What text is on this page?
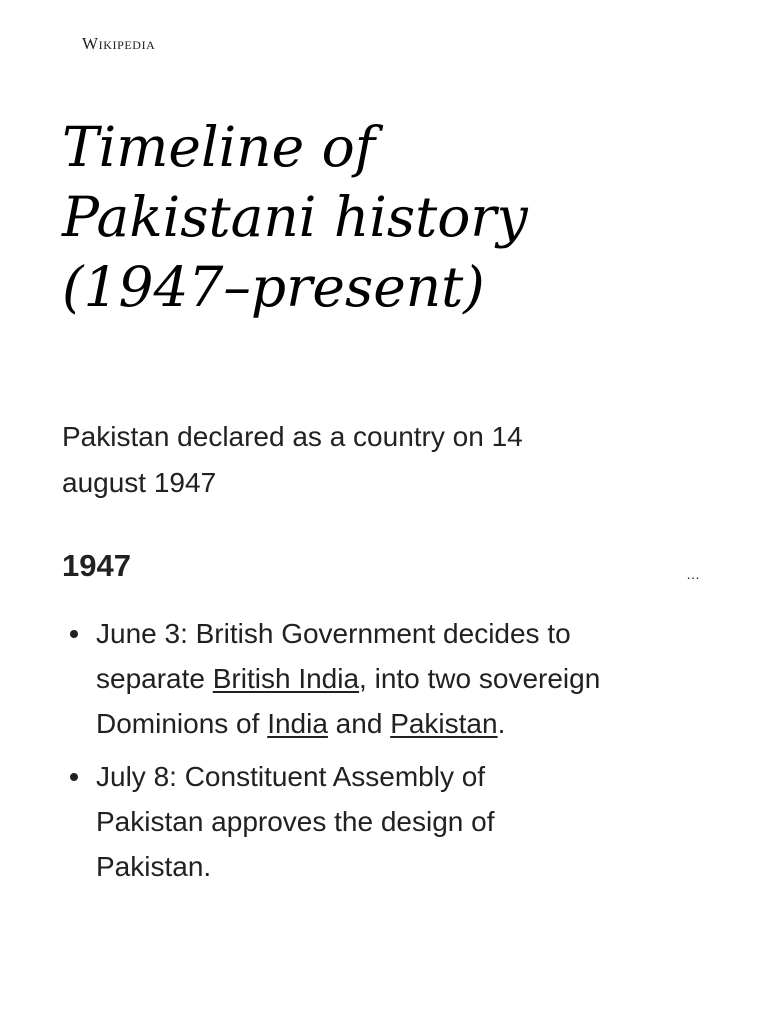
Wikipedia
Timeline of
Pakistani history
(1947–present)

Pakistan declared as a country on 14
august 1947

1947	…
June 3: British Government decides to
separate British India, into two sovereign
Dominions of India and Pakistan.
July 8: Constituent Assembly of
Pakistan approves the design of
Pakistan.
